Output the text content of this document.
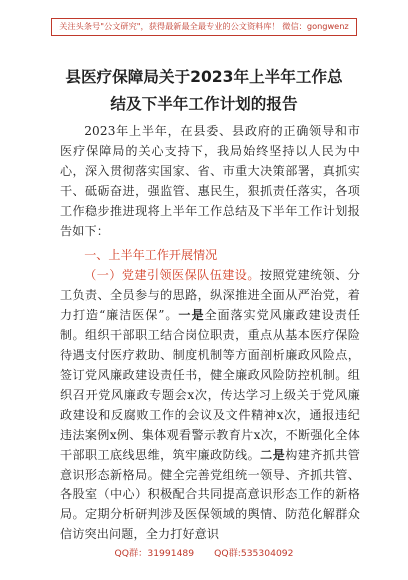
关注头条号"公文研究"，获得最新最全最专业的公文资料库！ 微信：gongwenz
县医疗保障局关于2023年上半年工作总
结及下半年工作计划的报告

2023年上半年，在县委、县政府的正确领导和市医疗保障局的关心支持下，我局始终坚持以人民为中心，深入贯彻落实国家、省、市重大决策部署，真抓实干、砥砺奋进，强监管、惠民生，狠抓责任落实，各项工作稳步推进现将上半年工作总结及下半年工作计划报告如下：

一、上半年工作开展情况

（一）党建引领医保队伍建设。按照党建统领、分工负责、全员参与的思路，纵深推进全面从严治党，着力打造“廉洁医保”。一是全面落实党风廉政建设责任制。组织干部职工结合岗位职责，重点从基本医疗保险待遇支付医疗救助、制度机制等方面剖析廉政风险点，签订党风廉政建设责任书，健全廉政风险防控机制。组织召开党风廉政专题会x次，传达学习上级关于党风廉政建设和反腐败工作的会议及文件精神x次，通报违纪违法案例x例、集体观看警示教育片x次，不断强化全体干部职工底线思维，筑牢廉政防线。二是构建齐抓共管意识形态新格局。健全完善党组统一领导、齐抓共管、各股室（中心）积极配合共同提高意识形态工作的新格局。定期分析研判涉及医保领域的舆情、防范化解群众信访突出问题，全力打好意识

QQ群：31991489 QQ群:535304092
